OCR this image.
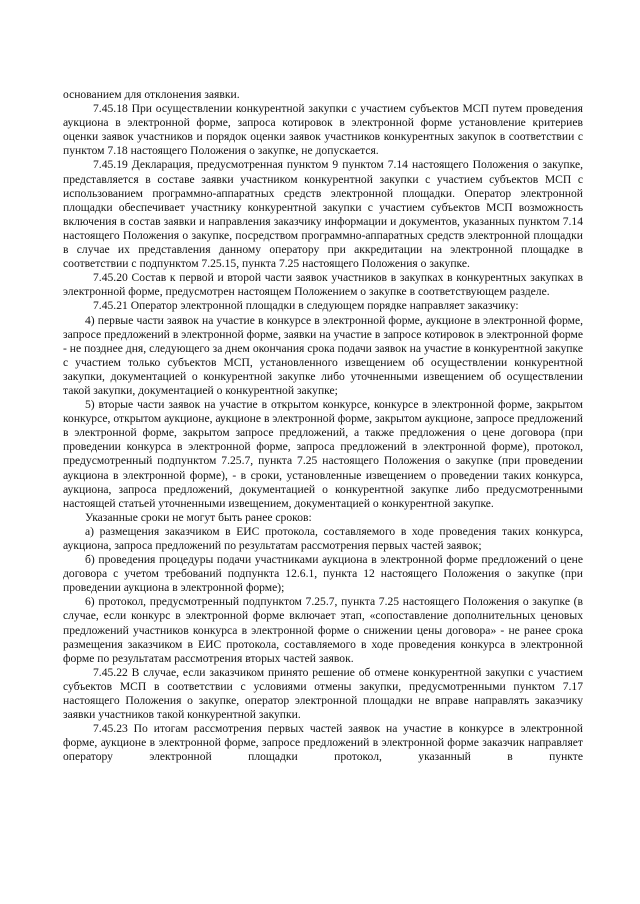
основанием для отклонения заявки.

7.45.18 При осуществлении конкурентной закупки с участием субъектов МСП путем проведения аукциона в электронной форме, запроса котировок в электронной форме установление критериев оценки заявок участников и порядок оценки заявок участников конкурентных закупок в соответствии с пунктом 7.18 настоящего Положения о закупке, не допускается.

7.45.19 Декларация, предусмотренная пунктом 9 пунктом 7.14 настоящего Положения о закупке, представляется в составе заявки участником конкурентной закупки с участием субъектов МСП с использованием программно-аппаратных средств электронной площадки. Оператор электронной площадки обеспечивает участнику конкурентной закупки с участием субъектов МСП возможность включения в состав заявки и направления заказчику информации и документов, указанных пунктом 7.14 настоящего Положения о закупке, посредством программно-аппаратных средств электронной площадки в случае их представления данному оператору при аккредитации на электронной площадке в соответствии с подпунктом 7.25.15, пункта 7.25 настоящего Положения о закупке.

7.45.20 Состав к первой и второй части заявок участников в закупках в конкурентных закупках в электронной форме, предусмотрен настоящем Положением о закупке в соответствующем разделе.

7.45.21 Оператор электронной площадки в следующем порядке направляет заказчику:

4) первые части заявок на участие в конкурсе в электронной форме, аукционе в электронной форме, запросе предложений в электронной форме, заявки на участие в запросе котировок в электронной форме - не позднее дня, следующего за днем окончания срока подачи заявок на участие в конкурентной закупке с участием только субъектов МСП, установленного извещением об осуществлении конкурентной закупки, документацией о конкурентной закупке либо уточненными извещением об осуществлении такой закупки, документацией о конкурентной закупке;

5) вторые части заявок на участие в открытом конкурсе, конкурсе в электронной форме, закрытом конкурсе, открытом аукционе, аукционе в электронной форме, закрытом аукционе, запросе предложений в электронной форме, закрытом запросе предложений, а также предложения о цене договора (при проведении конкурса в электронной форме, запроса предложений в электронной форме), протокол, предусмотренный подпунктом 7.25.7, пункта 7.25 настоящего Положения о закупке (при проведении аукциона в электронной форме), - в сроки, установленные извещением о проведении таких конкурса, аукциона, запроса предложений, документацией о конкурентной закупке либо предусмотренными настоящей статьей уточненными извещением, документацией о конкурентной закупке.

Указанные сроки не могут быть ранее сроков:

а) размещения заказчиком в ЕИС протокола, составляемого в ходе проведения таких конкурса, аукциона, запроса предложений по результатам рассмотрения первых частей заявок;

б) проведения процедуры подачи участниками аукциона в электронной форме предложений о цене договора с учетом требований подпункта 12.6.1, пункта 12 настоящего Положения о закупке (при проведении аукциона в электронной форме);

6) протокол, предусмотренный подпунктом 7.25.7, пункта 7.25 настоящего Положения о закупке (в случае, если конкурс в электронной форме включает этап, «сопоставление дополнительных ценовых предложений участников конкурса в электронной форме о снижении цены договора» - не ранее срока размещения заказчиком в ЕИС протокола, составляемого в ходе проведения конкурса в электронной форме по результатам рассмотрения вторых частей заявок.

7.45.22 В случае, если заказчиком принято решение об отмене конкурентной закупки с участием субъектов МСП в соответствии с условиями отмены закупки, предусмотренными пунктом 7.17 настоящего Положения о закупке, оператор электронной площадки не вправе направлять заказчику заявки участников такой конкурентной закупки.

7.45.23 По итогам рассмотрения первых частей заявок на участие в конкурсе в электронной форме, аукционе в электронной форме, запросе предложений в электронной форме заказчик направляет оператору электронной площадки протокол, указанный в пункте
